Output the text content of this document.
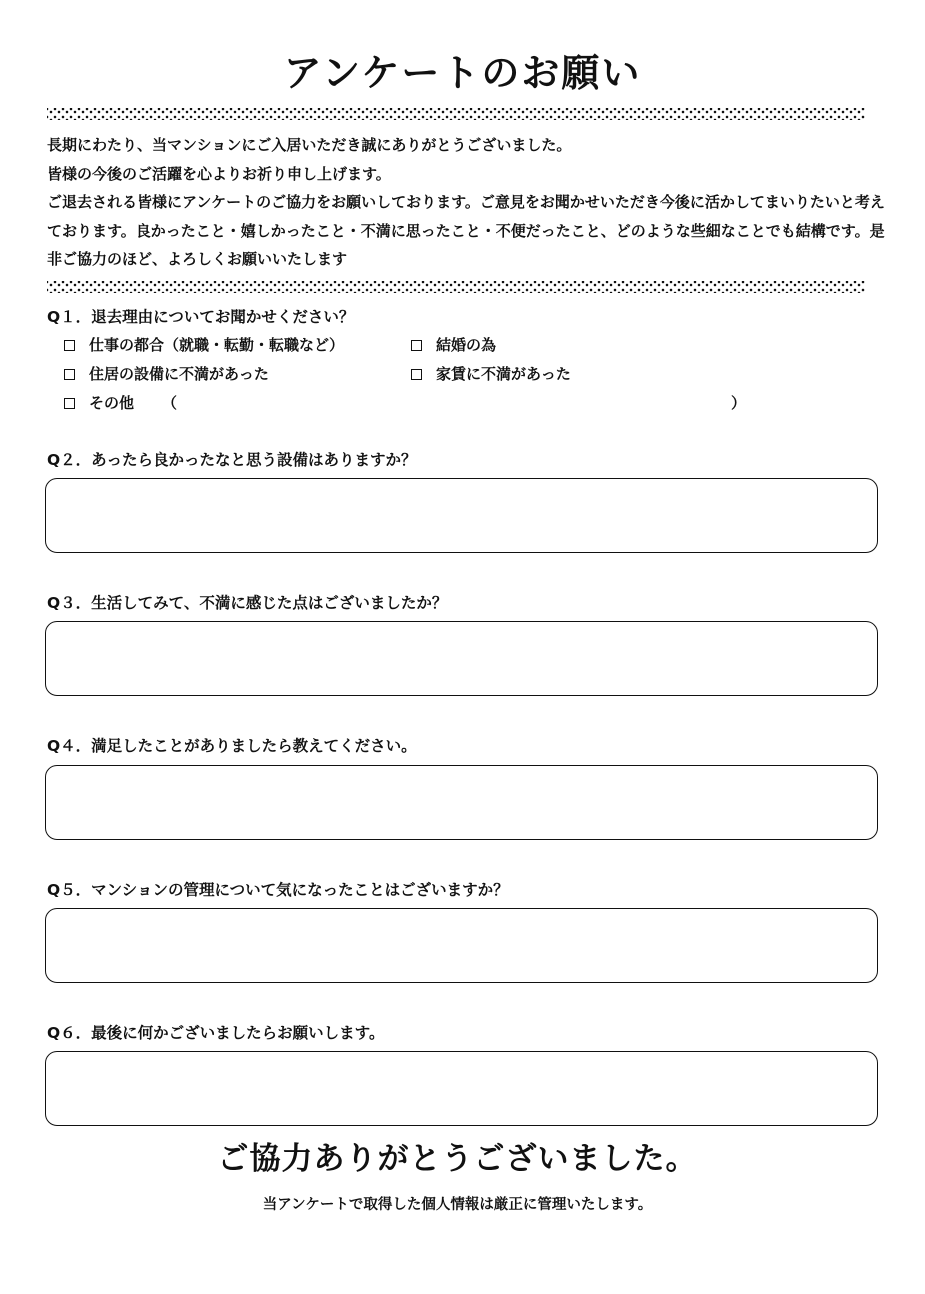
アンケートのお願い

長期にわたり、当マンションにご入居いただき誠にありがとうございました。

皆様の今後のご活躍を心よりお祈り申し上げます。

ご退去される皆様にアンケートのご協力をお願いしております。ご意見をお聞かせいただき今後に活かしてまいりたいと考えております。良かったこと・嬉しかったこと・不満に思ったこと・不便だったこと、どのような些細なことでも結構です。是非ご協力のほど、よろしくお願いいたします

Q１．退去理由についてお聞かせください？
仕事の都合（就職・転勤・転職など）	結婚の為
住居の設備に不満があった	家賃に不満があった
その他 （	）
Q２．あったら良かったなと思う設備はありますか？
Q３．生活してみて、不満に感じた点はございましたか？
Q４．満足したことがありましたら教えてください。
Q５．マンションの管理について気になったことはございますか？
Q６．最後に何かございましたらお願いします。
ご協力ありがとうございました。
当アンケートで取得した個人情報は厳正に管理いたします。
